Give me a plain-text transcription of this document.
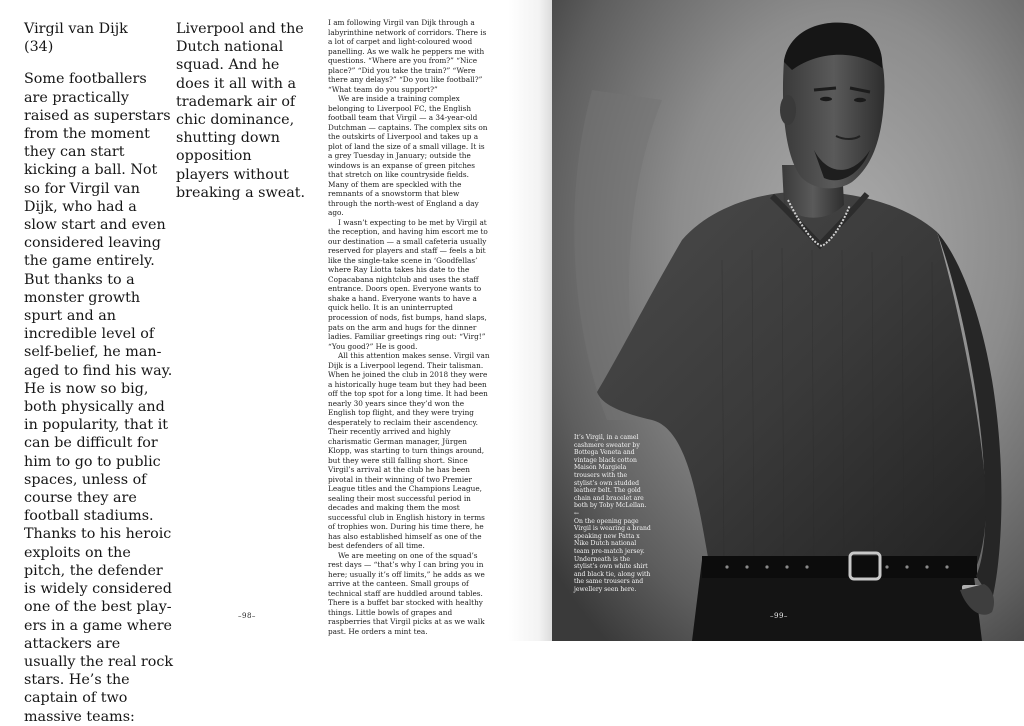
Virgil van Dijk
(34)
Some footballers are practically raised as superstars from the moment they can start kicking a ball. Not so for Virgil van Dijk, who had a slow start and even considered leaving the game entirely. But thanks to a monster growth spurt and an incredible level of self-belief, he managed to find his way. He is now so big, both physically and in popularity, that it can be difficult for him to go to public spaces, unless of course they are football stadiums. Thanks to his heroic exploits on the pitch, the defender is widely considered one of the best players in a game where attackers are usually the real rock stars. He’s the captain of two massive teams:
Liverpool and the Dutch national squad. And he does it all with a trademark air of chic dominance, shutting down opposition players without breaking a sweat.

I am following Virgil van Dijk through a labyrinthine network of corridors. There is a lot of carpet and light-coloured wood panelling. As we walk he peppers me with questions. “Where are you from?” “Nice place?” “Did you take the train?” “Were there any delays?” “Do you like football?” “What team do you support?”

We are inside a training complex belonging to Liverpool FC, the English football team that Virgil — a 34-year-old Dutchman — captains. The complex sits on the outskirts of Liverpool and takes up a plot of land the size of a small village. It is a grey Tuesday in January; outside the windows is an expanse of green pitches that stretch on like countryside fields. Many of them are speckled with the remnants of a snowstorm that blew through the north-west of England a day ago.

I wasn’t expecting to be met by Virgil at the reception, and having him escort me to our destination — a small cafeteria usually reserved for players and staff — feels a bit like the single-take scene in ‘Goodfellas’ where Ray Liotta takes his date to the Copacabana nightclub and uses the staff entrance. Doors open. Everyone wants to shake a hand. Everyone wants to have a quick hello. It is an uninterrupted procession of nods, fist bumps, hand slaps, pats on the arm and hugs for the dinner ladies. Familiar greetings ring out: “Virg!” “You good?” He is good.

All this attention makes sense. Virgil van Dijk is a Liverpool legend. Their talisman. When he joined the club in 2018 they were a historically huge team but they had been off the top spot for a long time. It had been nearly 30 years since they’d won the English top flight, and they were trying desperately to reclaim their ascendency. Their recently arrived and highly charismatic German manager, Jürgen Klopp, was starting to turn things around, but they were still falling short. Since Virgil’s arrival at the club he has been pivotal in their winning of two Premier League titles and the Champions League, sealing their most successful period in decades and making them the most successful club in English history in terms of trophies won. During his time there, he has also established himself as one of the best defenders of all time.

We are meeting on one of the squad’s rest days — “that’s why I can bring you in here; usually it’s off limits,” he adds as we arrive at the canteen. Small groups of technical staff are huddled around tables. There is a buffet bar stocked with healthy things. Little bowls of grapes and raspberries that Virgil picks at as we walk past. He orders a mint tea.

–98–
It’s Virgil, in a camel
cashmere sweater by
Bottega Veneta and
vintage black cotton
Maison Margiela
trousers with the
stylist’s own studded
leather belt. The gold
chain and bracelet are
both by Toby McLellan.
←
On the opening page
Virgil is wearing a brand
speaking new Patta x
Nike Dutch national
team pre-match jersey.
Underneath is the
stylist’s own white shirt
and black tie, along with
the same trousers and
jewellery seen here.
–99–
